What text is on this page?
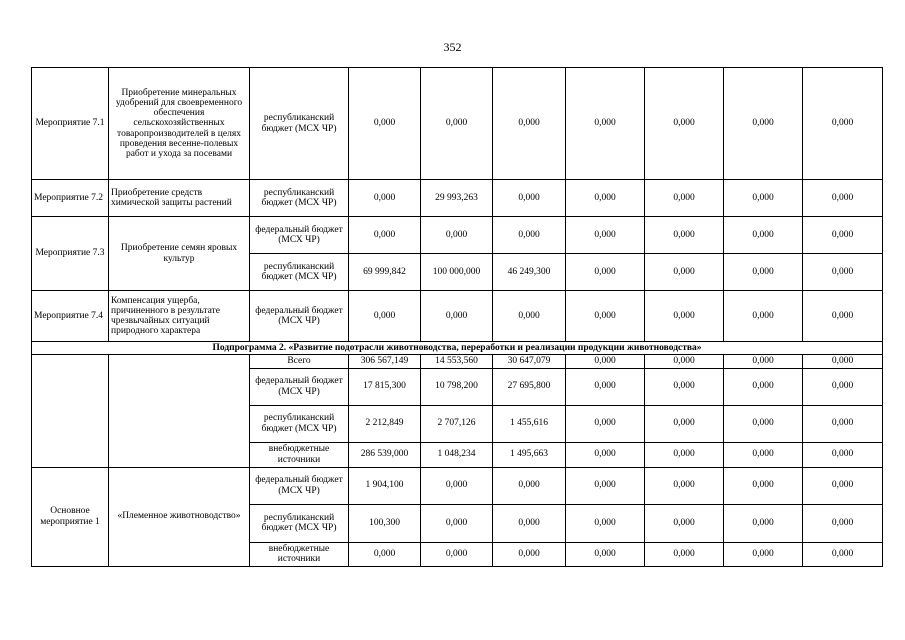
352
Мероприятие 7.1	Приобретение минеральных удобрений для своевременного обеспечения сельскохозяйственных товаропроизводителей в целях проведения весенне-полевых работ и ухода за посевами	республиканский бюджет (МСХ ЧР)	0,000	0,000	0,000	0,000	0,000	0,000	0,000
Мероприятие 7.2	Приобретение средств химической защиты растений	республиканский бюджет (МСХ ЧР)	0,000	29 993,263	0,000	0,000	0,000	0,000	0,000
Мероприятие 7.3	Приобретение семян яровых культур	федеральный бюджет (МСХ ЧР)	0,000	0,000	0,000	0,000	0,000	0,000	0,000
		республиканский бюджет (МСХ ЧР)	69 999,842	100 000,000	46 249,300	0,000	0,000	0,000	0,000
Мероприятие 7.4	Компенсация ущерба, причиненного в результате чрезвычайных ситуаций природного характера	федеральный бюджет (МСХ ЧР)	0,000	0,000	0,000	0,000	0,000	0,000	0,000
Подпрограмма 2. «Развитие подотрасли животноводства, переработки и реализации продукции животноводства»									
		Всего	306 567,149	14 553,560	30 647,079	0,000	0,000	0,000	0,000
		федеральный бюджет (МСХ ЧР)	17 815,300	10 798,200	27 695,800	0,000	0,000	0,000	0,000
		республиканский бюджет (МСХ ЧР)	2 212,849	2 707,126	1 455,616	0,000	0,000	0,000	0,000
		внебюджетные источники	286 539,000	1 048,234	1 495,663	0,000	0,000	0,000	0,000
Основное мероприятие 1	«Племенное животноводство»	федеральный бюджет (МСХ ЧР)	1 904,100	0,000	0,000	0,000	0,000	0,000	0,000
		республиканский бюджет (МСХ ЧР)	100,300	0,000	0,000	0,000	0,000	0,000	0,000
		внебюджетные источники	0,000	0,000	0,000	0,000	0,000	0,000	0,000
